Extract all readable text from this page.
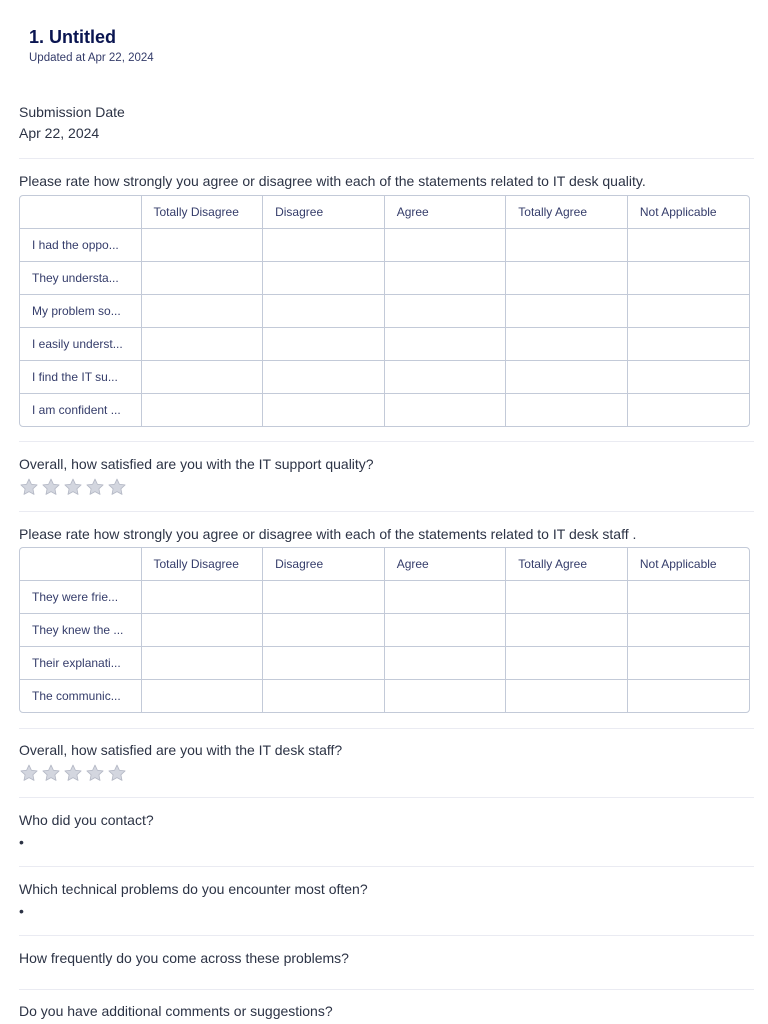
1. Untitled
Updated at Apr 22, 2024
Submission Date
Apr 22, 2024
Please rate how strongly you agree or disagree with each of the statements related to IT desk quality.
	Totally Disagree	Disagree	Agree	Totally Agree	Not Applicable
I had the oppo...					
They understa...					
My problem so...					
I easily underst...					
I find the IT su...					
I am confident ...					
Overall, how satisfied are you with the IT support quality?
Please rate how strongly you agree or disagree with each of the statements related to IT desk staff .
	Totally Disagree	Disagree	Agree	Totally Agree	Not Applicable
They were frie...					
They knew the ...					
Their explanati...					
The communic...					
Overall, how satisfied are you with the IT desk staff?
Who did you contact?
•
Which technical problems do you encounter most often?
•
How frequently do you come across these problems?
Do you have additional comments or suggestions?
